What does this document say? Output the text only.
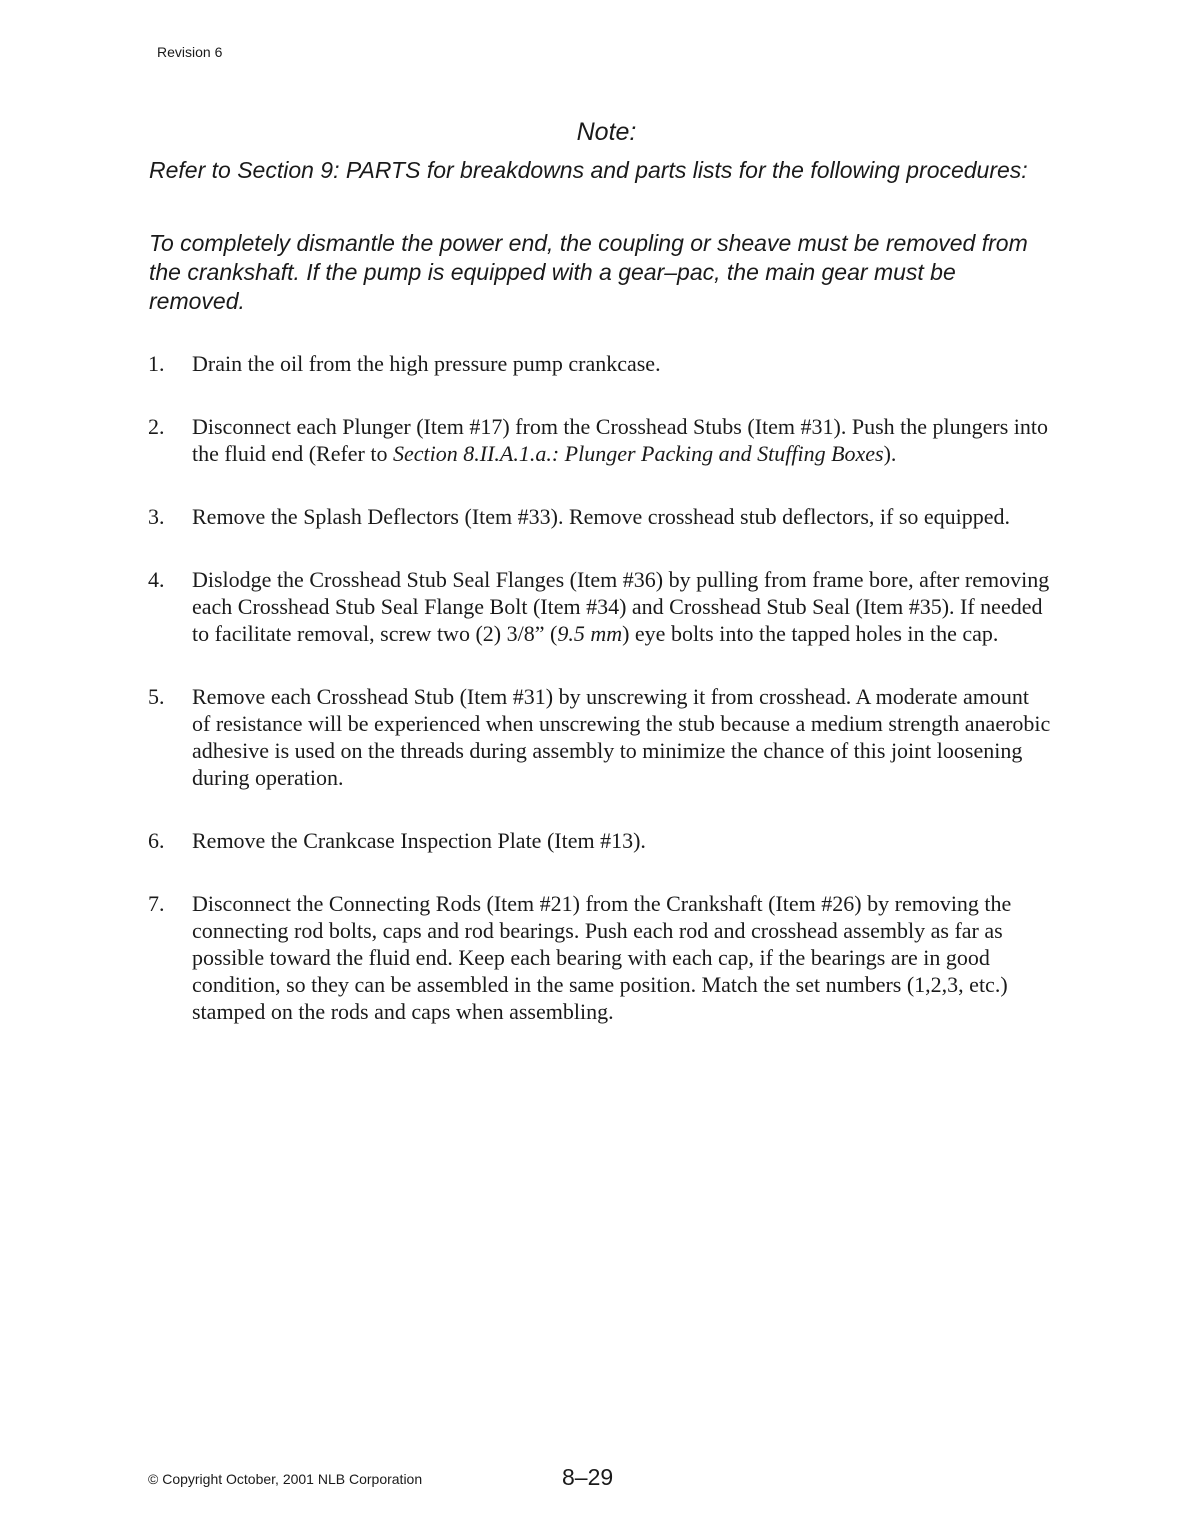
Revision 6
Note:

Refer to Section 9: PARTS for breakdowns and parts lists for the following procedures:

To completely dismantle the power end, the coupling or sheave must be removed from the crankshaft. If the pump is equipped with a gear–pac, the main gear must be removed.

1. Drain the oil from the high pressure pump crankcase.
2. Disconnect each Plunger (Item #17) from the Crosshead Stubs (Item #31). Push the plungers into the fluid end (Refer to Section 8.II.A.1.a.: Plunger Packing and Stuffing Boxes).
3. Remove the Splash Deflectors (Item #33). Remove crosshead stub deflectors, if so equipped.
4. Dislodge the Crosshead Stub Seal Flanges (Item #36) by pulling from frame bore, after removing each Crosshead Stub Seal Flange Bolt (Item #34) and Crosshead Stub Seal (Item #35). If needed to facilitate removal, screw two (2) 3/8” (9.5 mm) eye bolts into the tapped holes in the cap.
5. Remove each Crosshead Stub (Item #31) by unscrewing it from crosshead. A moderate amount of resistance will be experienced when unscrewing the stub because a medium strength anaerobic adhesive is used on the threads during assembly to minimize the chance of this joint loosening during operation.
6. Remove the Crankcase Inspection Plate (Item #13).
7. Disconnect the Connecting Rods (Item #21) from the Crankshaft (Item #26) by removing the connecting rod bolts, caps and rod bearings. Push each rod and crosshead assembly as far as possible toward the fluid end. Keep each bearing with each cap, if the bearings are in good condition, so they can be assembled in the same position. Match the set numbers (1,2,3, etc.) stamped on the rods and caps when assembling.
© Copyright October, 2001 NLB Corporation	8–29
